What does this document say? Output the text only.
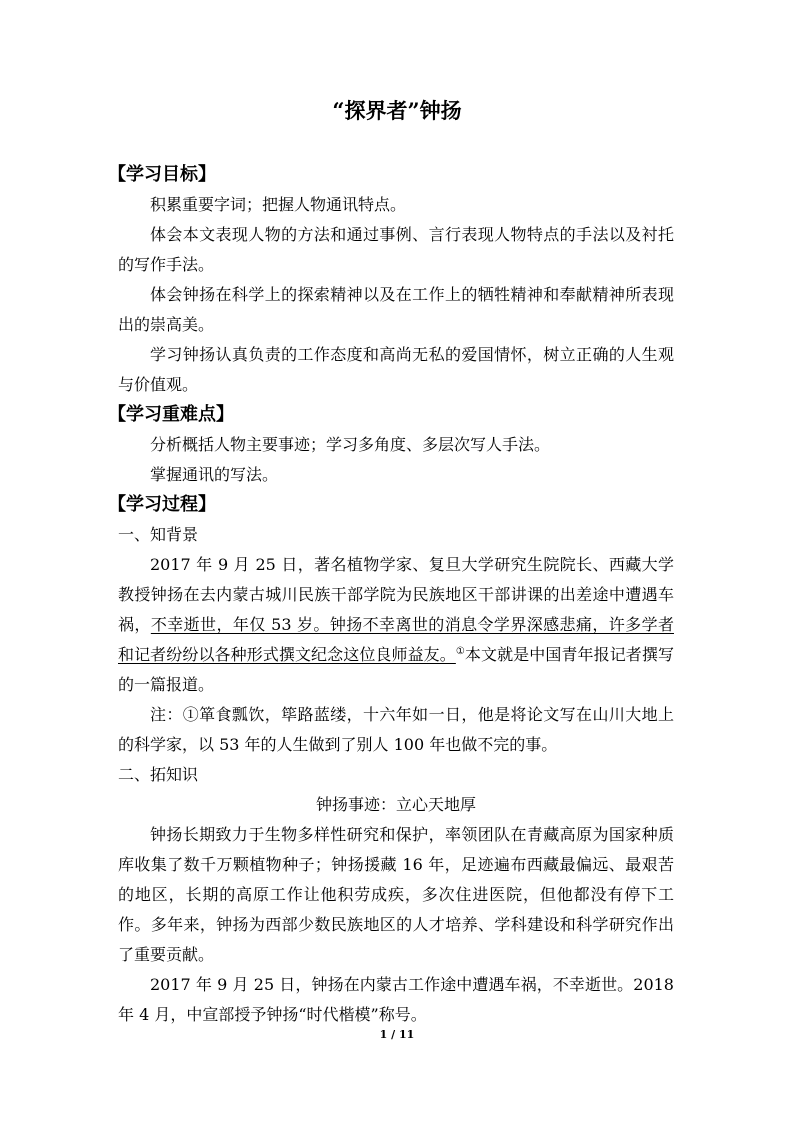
“探界者”钟扬

【学习目标】

积累重要字词；把握人物通讯特点。

体会本文表现人物的方法和通过事例、言行表现人物特点的手法以及衬托的写作手法。

体会钟扬在科学上的探索精神以及在工作上的牺牲精神和奉献精神所表现出的崇高美。

学习钟扬认真负责的工作态度和高尚无私的爱国情怀，树立正确的人生观与价值观。

【学习重难点】

分析概括人物主要事迹；学习多角度、多层次写人手法。

掌握通讯的写法。

【学习过程】

一、知背景

2017 年 9 月 25 日，著名植物学家、复旦大学研究生院院长、西藏大学教授钟扬在去内蒙古城川民族干部学院为民族地区干部讲课的出差途中遭遇车祸，不幸逝世，年仅 53 岁。钟扬不幸离世的消息令学界深感悲痛，许多学者和记者纷纷以各种形式撰文纪念这位良师益友。①本文就是中国青年报记者撰写的一篇报道。

注：①箪食瓢饮，筚路蓝缕，十六年如一日，他是将论文写在山川大地上的科学家，以 53 年的人生做到了别人 100 年也做不完的事。

二、拓知识

钟扬事迹：立心天地厚

钟扬长期致力于生物多样性研究和保护，率领团队在青藏高原为国家种质库收集了数千万颗植物种子；钟扬援藏 16 年，足迹遍布西藏最偏远、最艰苦的地区，长期的高原工作让他积劳成疾，多次住进医院，但他都没有停下工作。多年来，钟扬为西部少数民族地区的人才培养、学科建设和科学研究作出了重要贡献。

2017 年 9 月 25 日，钟扬在内蒙古工作途中遭遇车祸，不幸逝世。2018 年 4 月，中宣部授予钟扬“时代楷模”称号。

1 / 11
